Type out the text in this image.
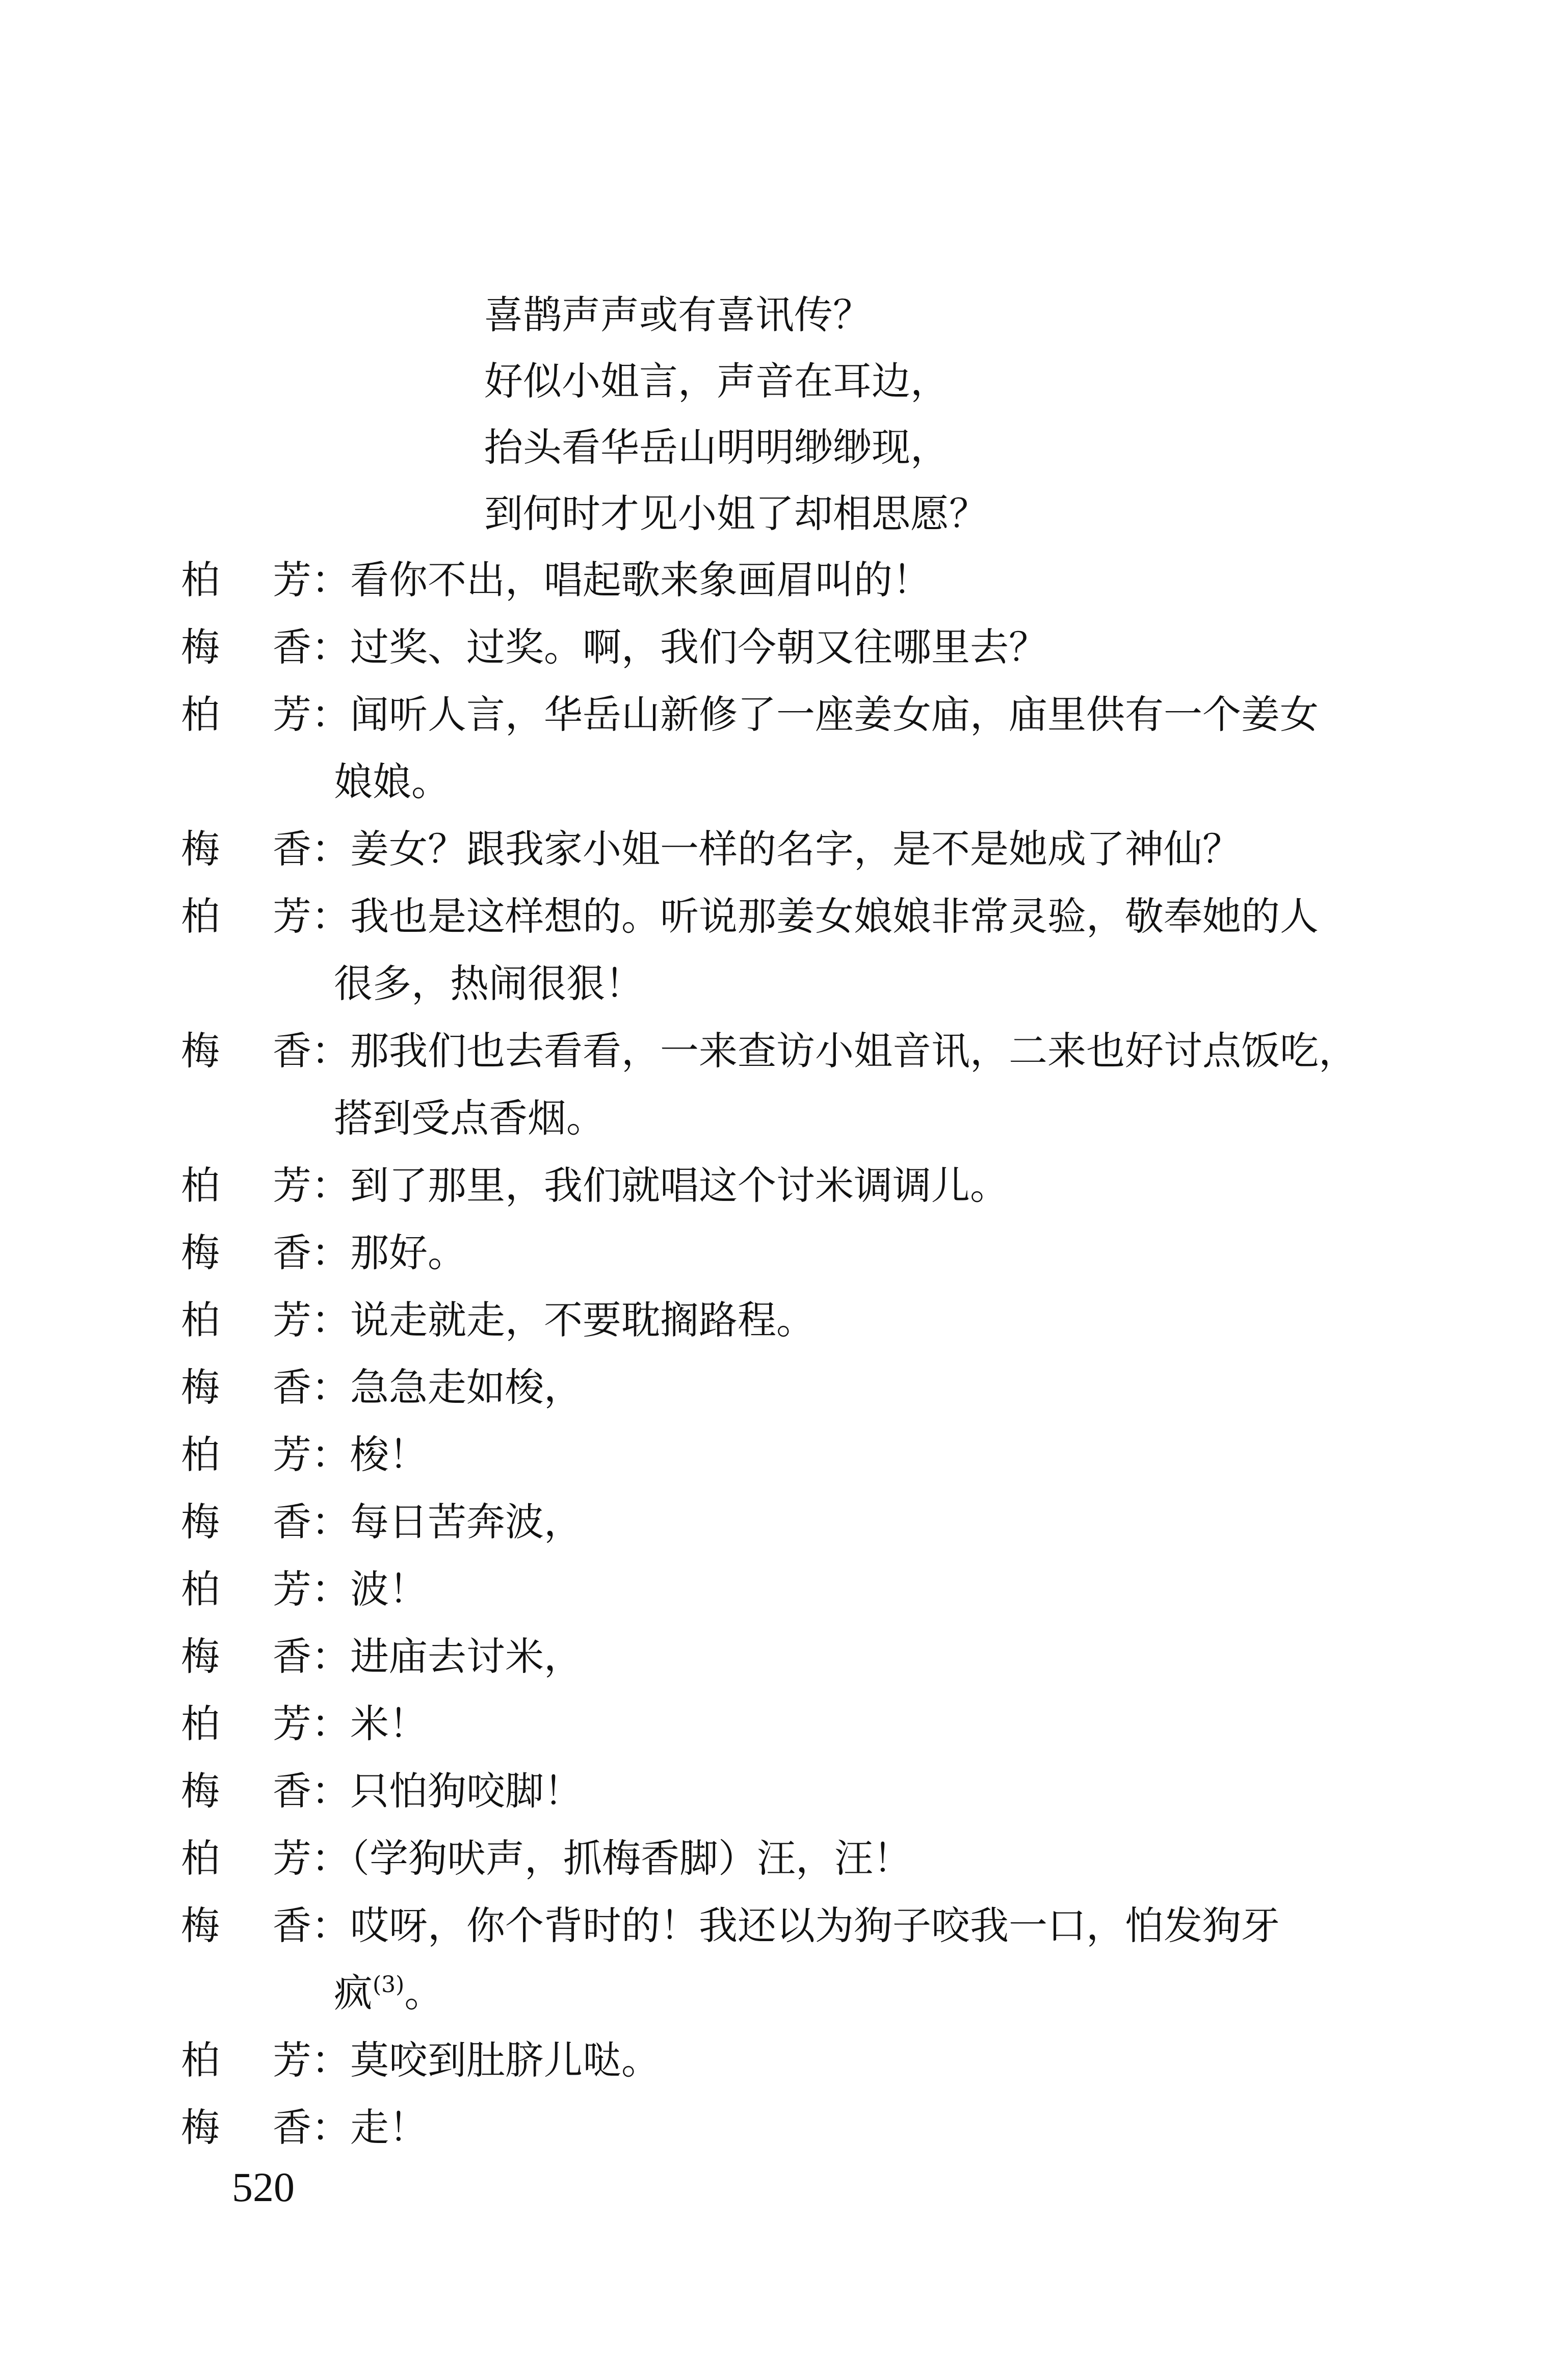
喜鹊声声或有喜讯传？
好似小姐言，声音在耳边，
抬头看华岳山明明缈缈现，
到何时才见小姐了却相思愿？
柏 芳：看你不出，唱起歌来象画眉叫的！
梅 香：过奖、过奖。啊，我们今朝又往哪里去？
柏 芳：闻听人言，华岳山新修了一座姜女庙，庙里供有一个姜女
娘娘。
梅 香：姜女？跟我家小姐一样的名字，是不是她成了神仙？
柏 芳：我也是这样想的。听说那姜女娘娘非常灵验，敬奉她的人
很多，热闹很狠！
梅 香：那我们也去看看，一来查访小姐音讯，二来也好讨点饭吃，
搭到受点香烟。
柏 芳：到了那里，我们就唱这个讨米调调儿。
梅 香：那好。
柏 芳：说走就走，不要耽搁路程。
梅 香：急急走如梭，
柏 芳：梭！
梅 香：每日苦奔波，
柏 芳：波！
梅 香：进庙去讨米，
柏 芳：米！
梅 香：只怕狗咬脚！
柏 芳：（学狗吠声，抓梅香脚）汪，汪！
梅 香：哎呀，你个背时的！我还以为狗子咬我一口，怕发狗牙
疯$^{(3)}$。
柏 芳：莫咬到肚脐儿哒。
梅 香：走！
520
